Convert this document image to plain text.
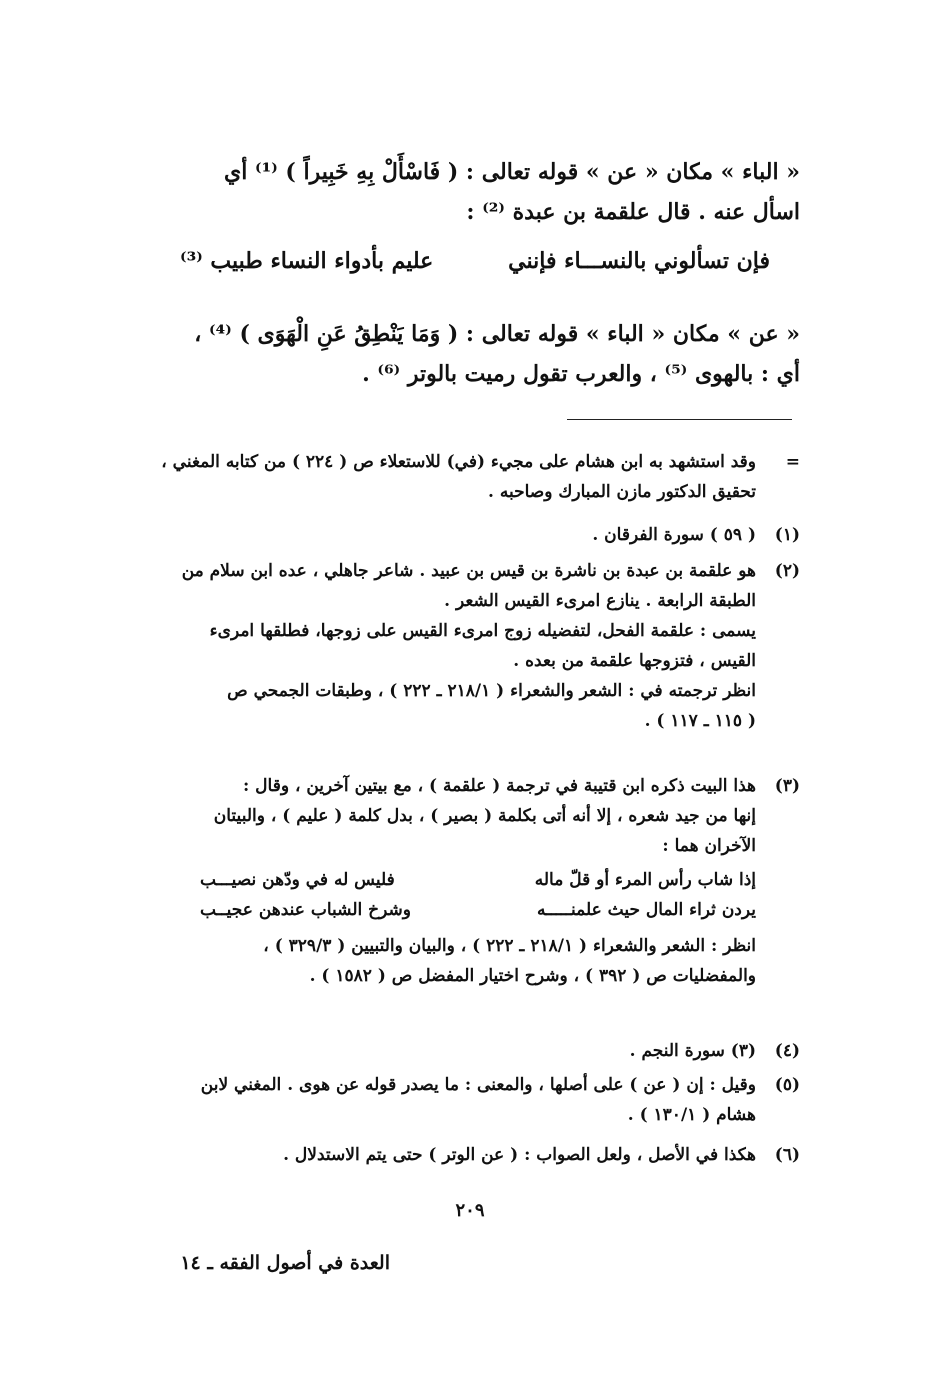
« الباء » مكان « عن » قوله تعالى : ( فَاسْأَلْ بِهِ خَبِيراً ) ⁽¹⁾ أي
اسأل عنه . قال علقمة بن عبدة ⁽²⁾ :
فإن تسألوني بالنســـاء فإنني
عليم بأدواء النساء طبيب ⁽³⁾
« عن » مكان « الباء » قوله تعالى : ( وَمَا يَنْطِقُ عَنِ الْهَوَى ) ⁽⁴⁾ ،
أي : بالهوى ⁽⁵⁾ ، والعرب تقول رميت بالوتر ⁽⁶⁾ .
=
وقد استشهد به ابن هشام على مجيء (في) للاستعلاء ص ( ٢٢٤ ) من كتابه المغني ،
تحقيق الدكتور مازن المبارك وصاحبه .
(١)
( ٥٩ ) سورة الفرقان .
(٢)
هو علقمة بن عبدة بن ناشرة بن قيس بن عبيد . شاعر جاهلي ، عده ابن سلام من
الطبقة الرابعة . ينازع امرىء القيس الشعر .
يسمى : علقمة الفحل، لتفضيله زوج امرىء القيس على زوجها، فطلقها امرىء
القيس ، فتزوجها علقمة من بعده .
انظر ترجمته في : الشعر والشعراء ( ٢١٨/١ ـ ٢٢٢ ) ، وطبقات الجمحي ص
( ١١٥ ـ ١١٧ ) .
(٣)
هذا البيت ذكره ابن قتيبة في ترجمة ( علقمة ) ، مع بيتين آخرين ، وقال :
إنها من جيد شعره ، إلا أنه أتى بكلمة ( بصير ) ، بدل كلمة ( عليم ) ، والبيتان
الآخران هما :
إذا شاب رأس المرء أو قلّ ماله
فليس له في ودّهن نصيـــب
يردن ثراء المال حيث علمنـــــه
وشرخ الشباب عندهن عجيــب
انظر : الشعر والشعراء ( ٢١٨/١ ـ ٢٢٢ ) ، والبيان والتبيين ( ٣٢٩/٣ ) ،
والمفضليات ص ( ٣٩٢ ) ، وشرح اختيار المفضل ص ( ١٥٨٢ ) .
(٤)
(٣) سورة النجم .
(٥)
وقيل : إن ( عن ) على أصلها ، والمعنى : ما يصدر قوله عن هوى . المغني لابن
هشام ( ١٣٠/١ ) .
(٦)
هكذا في الأصل ، ولعل الصواب : ( عن الوتر ) حتى يتم الاستدلال .
٢٠٩
العدة في أصول الفقه ـ ١٤
